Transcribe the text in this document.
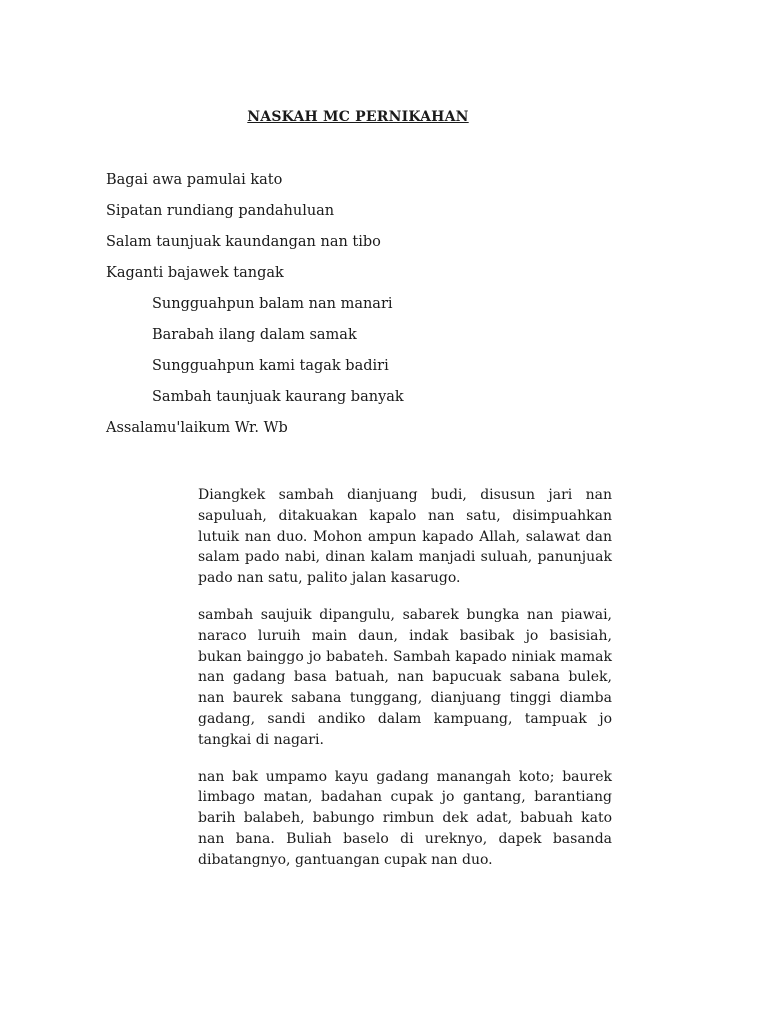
NASKAH MC PERNIKAHAN
Bagai awa pamulai kato
Sipatan rundiang pandahuluan
Salam taunjuak kaundangan nan tibo
Kaganti bajawek tangak
Sungguahpun balam nan manari
Barabah ilang dalam samak
Sungguahpun kami tagak badiri
Sambah taunjuak kaurang banyak
Assalamu'laikum Wr. Wb

Diangkek sambah dianjuang budi, disusun jari nan sapuluah, ditakuakan kapalo nan satu, disimpuahkan lutuik nan duo. Mohon ampun kapado Allah, salawat dan salam pado nabi, dinan kalam manjadi suluah, panunjuak pado nan satu, palito jalan kasarugo.

sambah saujuik dipangulu, sabarek bungka nan piawai, naraco luruih main daun, indak basibak jo basisiah, bukan bainggo jo babateh. Sambah kapado niniak mamak nan gadang basa batuah, nan bapucuak sabana bulek, nan baurek sabana tunggang, dianjuang tinggi diamba gadang, sandi andiko dalam kampuang, tampuak jo tangkai di nagari.

nan bak umpamo kayu gadang manangah koto; baurek limbago matan, badahan cupak jo gantang, barantiang barih balabeh, babungo rimbun dek adat, babuah kato nan bana. Buliah baselo di ureknyo, dapek basanda dibatangnyo, gantuangan cupak nan duo.
